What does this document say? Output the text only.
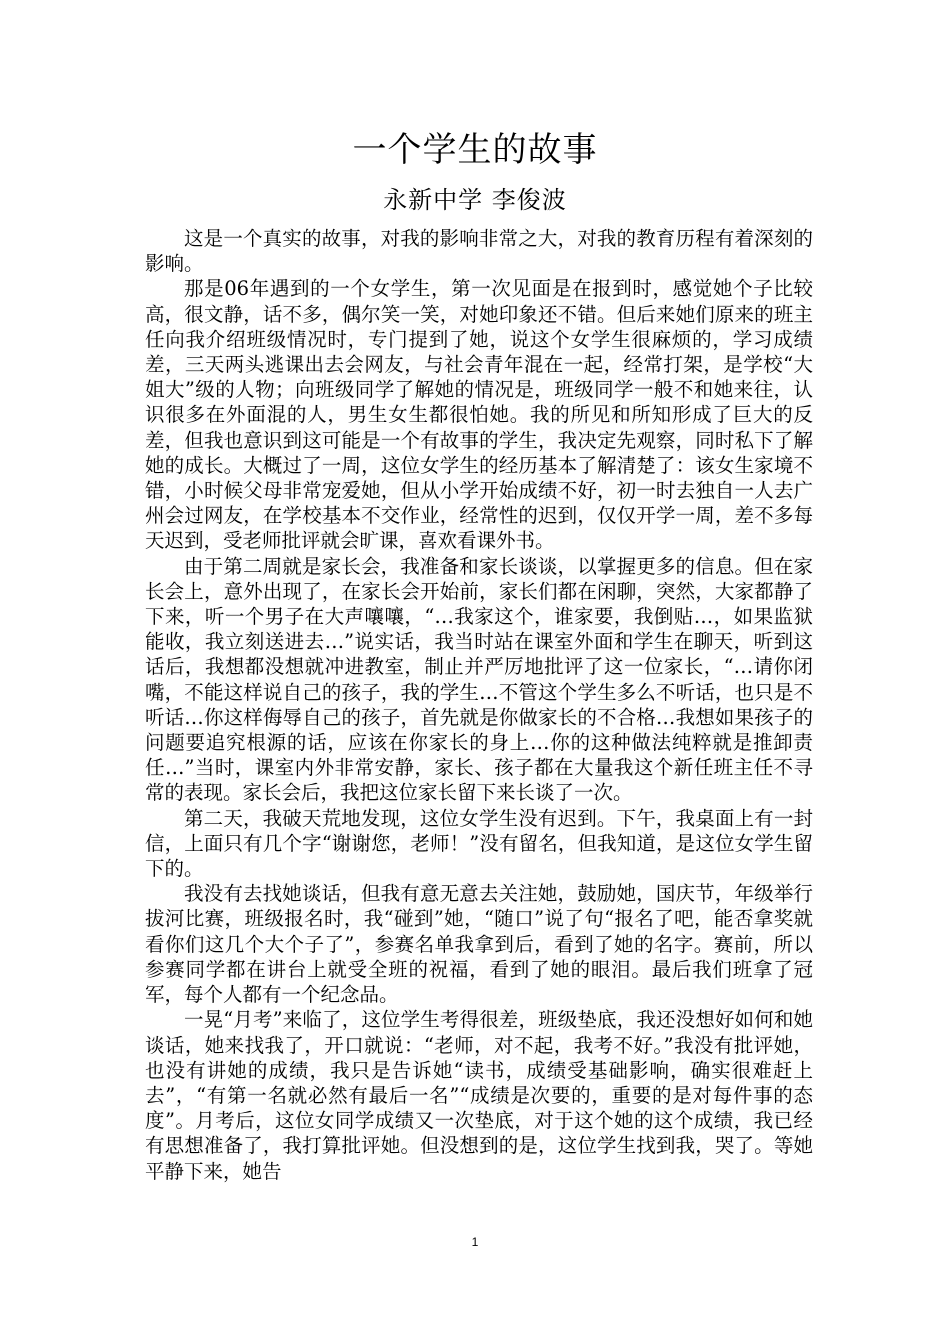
一个学生的故事
永新中学 李俊波

这是一个真实的故事，对我的影响非常之大，对我的教育历程有着深刻的影响。

那是06年遇到的一个女学生，第一次见面是在报到时，感觉她个子比较高，很文静，话不多，偶尔笑一笑，对她印象还不错。但后来她们原来的班主任向我介绍班级情况时，专门提到了她，说这个女学生很麻烦的，学习成绩差，三天两头逃课出去会网友，与社会青年混在一起，经常打架，是学校“大姐大”级的人物；向班级同学了解她的情况是，班级同学一般不和她来往，认识很多在外面混的人，男生女生都很怕她。我的所见和所知形成了巨大的反差，但我也意识到这可能是一个有故事的学生，我决定先观察，同时私下了解她的成长。大概过了一周，这位女学生的经历基本了解清楚了：该女生家境不错，小时候父母非常宠爱她，但从小学开始成绩不好，初一时去独自一人去广州会过网友，在学校基本不交作业，经常性的迟到，仅仅开学一周，差不多每天迟到，受老师批评就会旷课，喜欢看课外书。

由于第二周就是家长会，我准备和家长谈谈，以掌握更多的信息。但在家长会上，意外出现了，在家长会开始前，家长们都在闲聊，突然，大家都静了下来，听一个男子在大声嚷嚷，“…我家这个，谁家要，我倒贴…，如果监狱能收，我立刻送进去…”说实话，我当时站在课室外面和学生在聊天，听到这话后，我想都没想就冲进教室，制止并严厉地批评了这一位家长，“…请你闭嘴，不能这样说自己的孩子，我的学生…不管这个学生多么不听话，也只是不听话…你这样侮辱自己的孩子，首先就是你做家长的不合格…我想如果孩子的问题要追究根源的话，应该在你家长的身上…你的这种做法纯粹就是推卸责任…”当时，课室内外非常安静，家长、孩子都在大量我这个新任班主任不寻常的表现。家长会后，我把这位家长留下来长谈了一次。

第二天，我破天荒地发现，这位女学生没有迟到。下午，我桌面上有一封信，上面只有几个字“谢谢您，老师！”没有留名，但我知道，是这位女学生留下的。

我没有去找她谈话，但我有意无意去关注她，鼓励她，国庆节，年级举行拔河比赛，班级报名时，我“碰到”她，“随口”说了句“报名了吧，能否拿奖就看你们这几个大个子了”，参赛名单我拿到后，看到了她的名字。赛前，所以参赛同学都在讲台上就受全班的祝福，看到了她的眼泪。最后我们班拿了冠军，每个人都有一个纪念品。

一晃“月考”来临了，这位学生考得很差，班级垫底，我还没想好如何和她谈话，她来找我了，开口就说：“老师，对不起，我考不好。”我没有批评她，也没有讲她的成绩，我只是告诉她“读书，成绩受基础影响，确实很难赶上去”，“有第一名就必然有最后一名”“成绩是次要的，重要的是对每件事的态度”。月考后，这位女同学成绩又一次垫底，对于这个她的这个成绩，我已经有思想准备了，我打算批评她。但没想到的是，这位学生找到我，哭了。等她平静下来，她告

1
